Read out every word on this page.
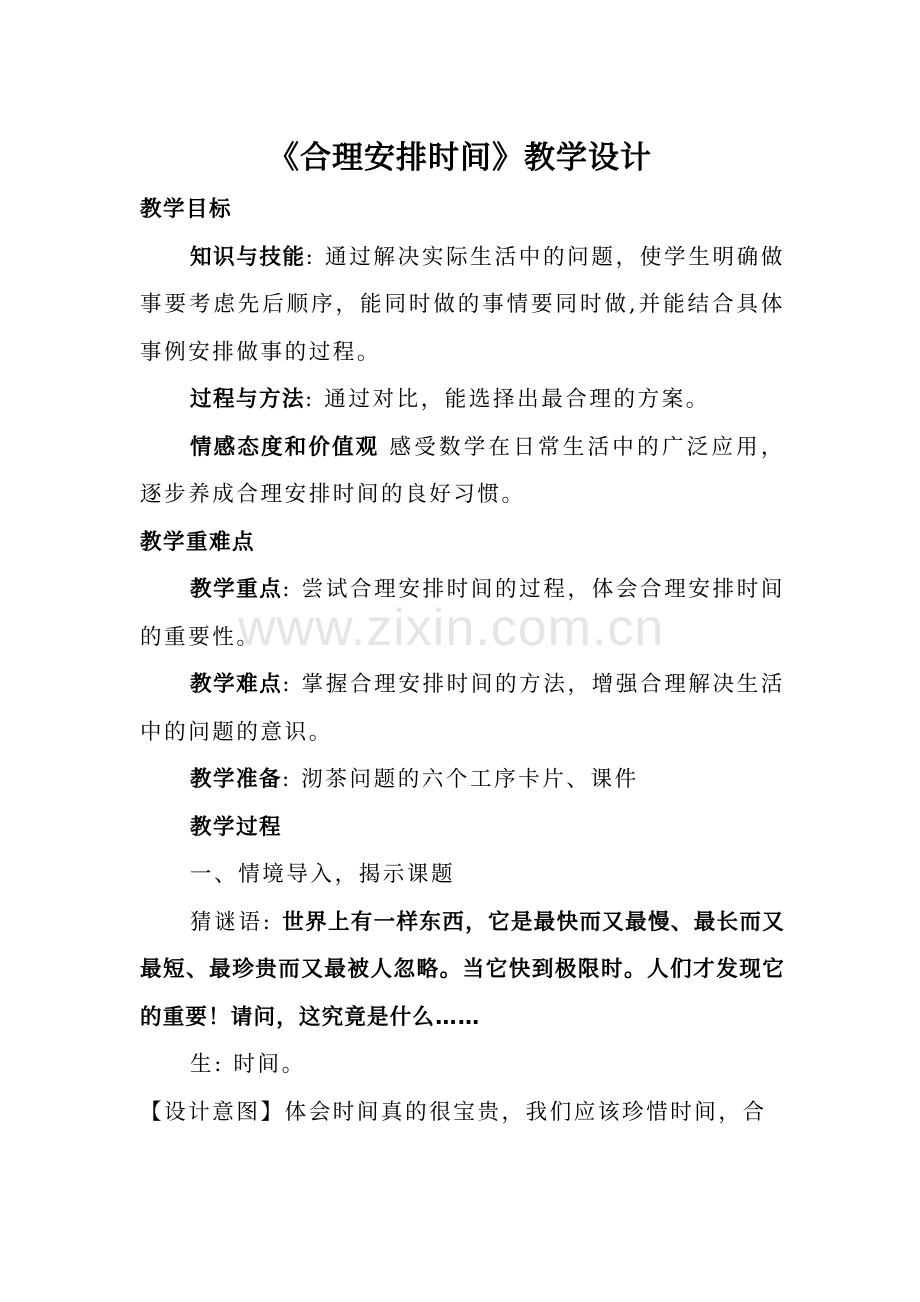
《合理安排时间》教学设计

教学目标

知识与技能: 通过解决实际生活中的问题，使学生明确做事要考虑先后顺序，能同时做的事情要同时做,并能结合具体事例安排做事的过程。

过程与方法: 通过对比，能选择出最合理的方案。

情感态度和价值观 感受数学在日常生活中的广泛应用，逐步养成合理安排时间的良好习惯。

教学重难点

教学重点: 尝试合理安排时间的过程，体会合理安排时间的重要性。

教学难点: 掌握合理安排时间的方法，增强合理解决生活中的问题的意识。

教学准备: 沏茶问题的六个工序卡片、课件

教学过程

一、情境导入，揭示课题

猜谜语: 世界上有一样东西，它是最快而又最慢、最长而又最短、最珍贵而又最被人忽略。当它快到极限时。人们才发现它的重要！请问，这究竟是什么……

生: 时间。

【设计意图】体会时间真的很宝贵，我们应该珍惜时间，合

www.zixin.com.cn
